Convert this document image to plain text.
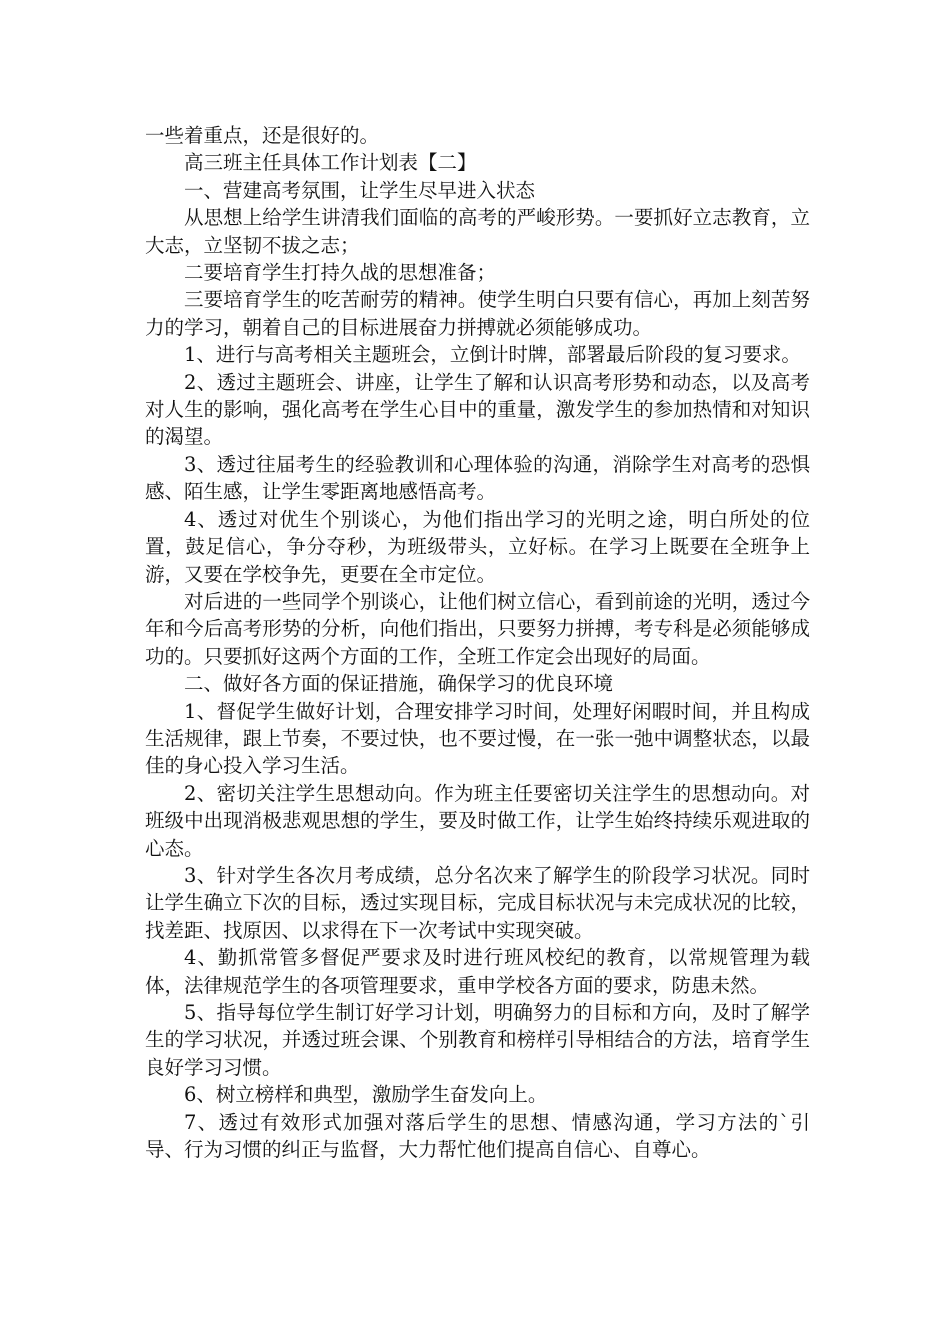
一些着重点，还是很好的。

高三班主任具体工作计划表【二】

一、营建高考氛围，让学生尽早进入状态

从思想上给学生讲清我们面临的高考的严峻形势。一要抓好立志教育，立大志，立坚韧不拔之志；

二要培育学生打持久战的思想准备；

三要培育学生的吃苦耐劳的精神。使学生明白只要有信心，再加上刻苦努力的学习，朝着自己的目标进展奋力拼搏就必须能够成功。

1、进行与高考相关主题班会，立倒计时牌，部署最后阶段的复习要求。

2、透过主题班会、讲座，让学生了解和认识高考形势和动态，以及高考对人生的影响，强化高考在学生心目中的重量，激发学生的参加热情和对知识的渴望。

3、透过往届考生的经验教训和心理体验的沟通，消除学生对高考的恐惧感、陌生感，让学生零距离地感悟高考。

4、透过对优生个别谈心，为他们指出学习的光明之途，明白所处的位置，鼓足信心，争分夺秒，为班级带头，立好标。在学习上既要在全班争上游，又要在学校争先，更要在全市定位。

对后进的一些同学个别谈心，让他们树立信心，看到前途的光明，透过今年和今后高考形势的分析，向他们指出，只要努力拼搏，考专科是必须能够成功的。只要抓好这两个方面的工作，全班工作定会出现好的局面。

二、做好各方面的保证措施，确保学习的优良环境

1、督促学生做好计划，合理安排学习时间，处理好闲暇时间，并且构成生活规律，跟上节奏，不要过快，也不要过慢，在一张一弛中调整状态，以最佳的身心投入学习生活。

2、密切关注学生思想动向。作为班主任要密切关注学生的思想动向。对班级中出现消极悲观思想的学生，要及时做工作，让学生始终持续乐观进取的心态。

3、针对学生各次月考成绩，总分名次来了解学生的阶段学习状况。同时让学生确立下次的目标，透过实现目标，完成目标状况与未完成状况的比较，找差距、找原因、以求得在下一次考试中实现突破。

4、勤抓常管多督促严要求及时进行班风校纪的教育，以常规管理为载体，法律规范学生的各项管理要求，重申学校各方面的要求，防患未然。

5、指导每位学生制订好学习计划，明确努力的目标和方向，及时了解学生的学习状况，并透过班会课、个别教育和榜样引导相结合的方法，培育学生良好学习习惯。

6、树立榜样和典型，激励学生奋发向上。

7、透过有效形式加强对落后学生的思想、情感沟通，学习方法的`引导、行为习惯的纠正与监督，大力帮忙他们提高自信心、自尊心。
